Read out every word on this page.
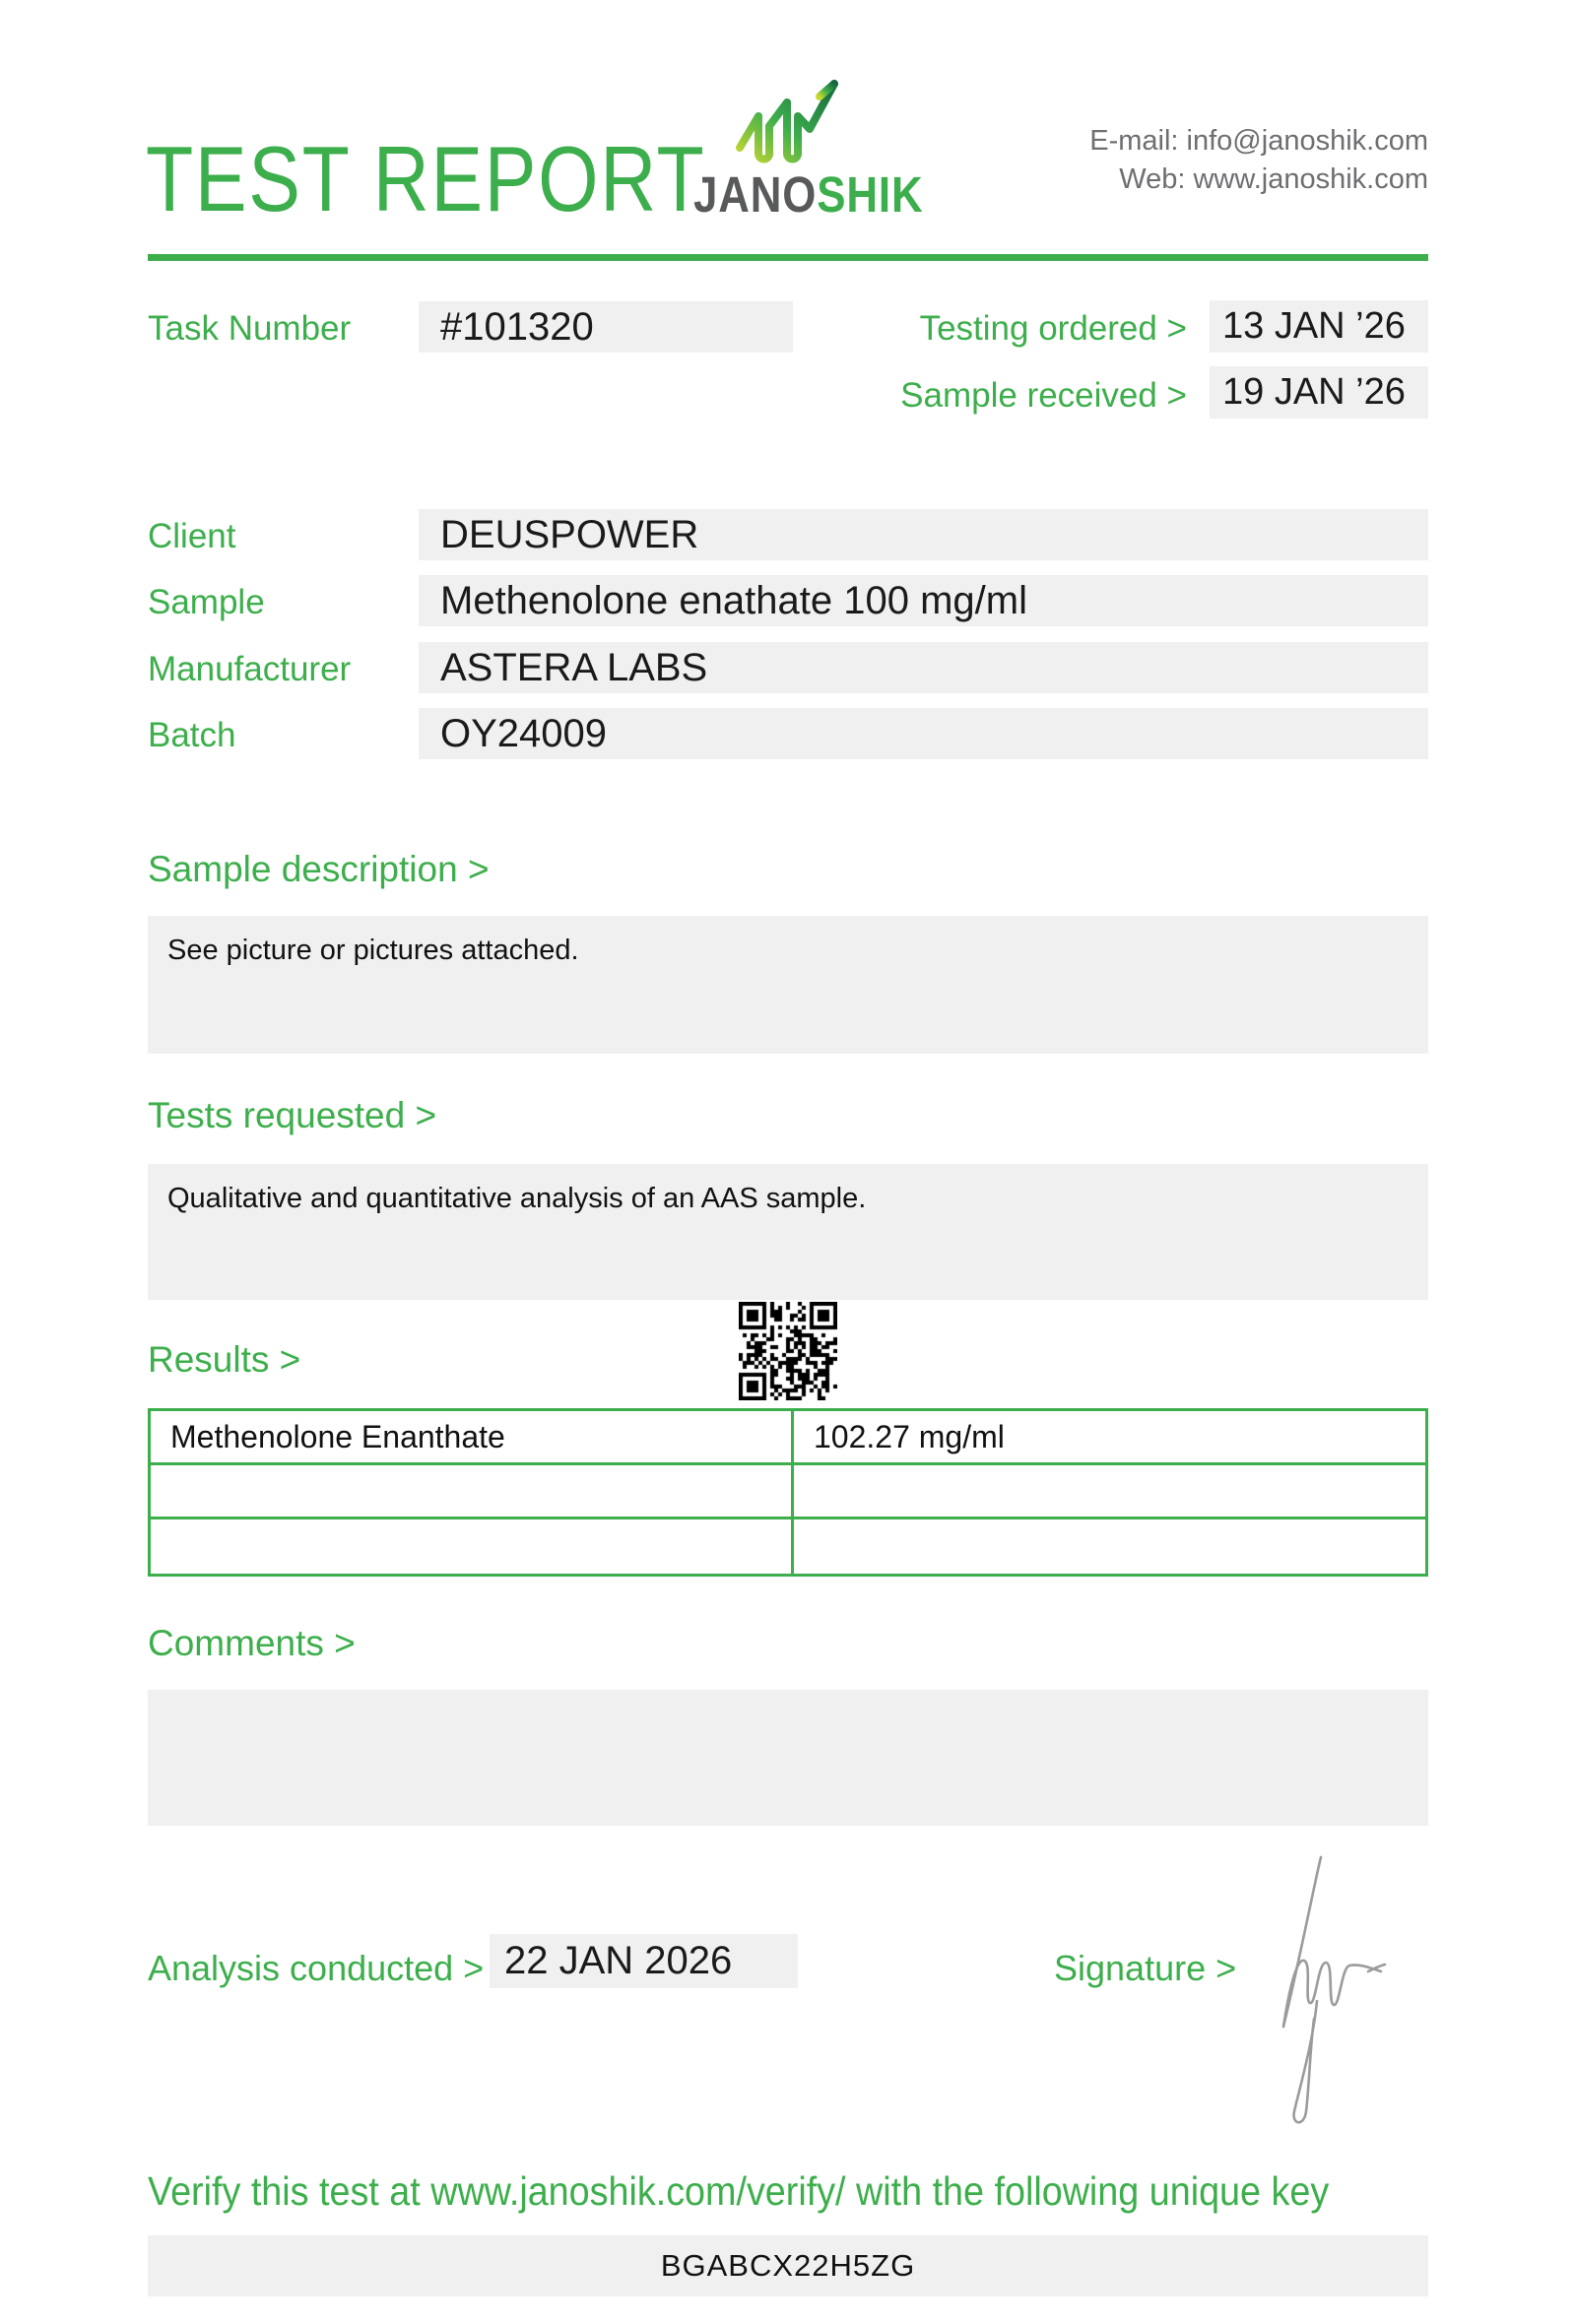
TEST REPORT
JANOSHIK
E-mail: info@janoshik.com
Web: www.janoshik.com
Task Number	#101320	Testing ordered > 13 JAN ’26
Sample received > 19 JAN ’26
Client	DEUSPOWER
Sample	Methenolone enathate 100 mg/ml
Manufacturer	ASTERA LABS
Batch	OY24009
Sample description >
See picture or pictures attached.
Tests requested >
Qualitative and quantitative analysis of an AAS sample.
Results >
Methenolone Enanthate	102.27 mg/ml
Comments >
Analysis conducted > 22 JAN 2026	Signature >
Verify this test at www.janoshik.com/verify/ with the following unique key
BGABCX22H5ZG
